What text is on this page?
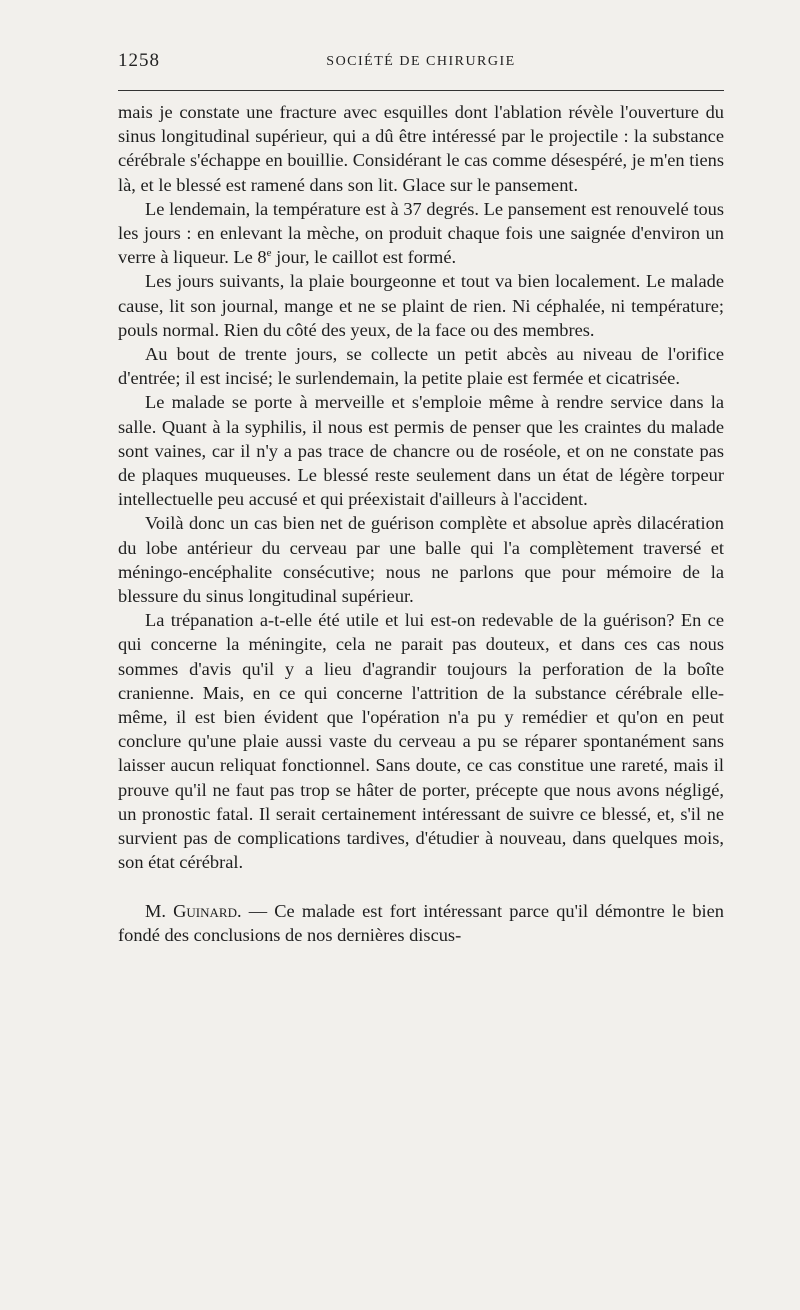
1258	SOCIÉTÉ DE CHIRURGIE

mais je constate une fracture avec esquilles dont l'ablation révèle l'ouverture du sinus longitudinal supérieur, qui a dû être intéressé par le projectile : la substance cérébrale s'échappe en bouillie. Considérant le cas comme désespéré, je m'en tiens là, et le blessé est ramené dans son lit. Glace sur le pansement.

Le lendemain, la température est à 37 degrés. Le pansement est renouvelé tous les jours : en enlevant la mèche, on produit chaque fois une saignée d'environ un verre à liqueur. Le 8e jour, le caillot est formé.

Les jours suivants, la plaie bourgeonne et tout va bien localement. Le malade cause, lit son journal, mange et ne se plaint de rien. Ni céphalée, ni température; pouls normal. Rien du côté des yeux, de la face ou des membres.

Au bout de trente jours, se collecte un petit abcès au niveau de l'orifice d'entrée; il est incisé; le surlendemain, la petite plaie est fermée et cicatrisée.

Le malade se porte à merveille et s'emploie même à rendre service dans la salle. Quant à la syphilis, il nous est permis de penser que les craintes du malade sont vaines, car il n'y a pas trace de chancre ou de roséole, et on ne constate pas de plaques muqueuses. Le blessé reste seulement dans un état de légère torpeur intellectuelle peu accusé et qui préexistait d'ailleurs à l'accident.

Voilà donc un cas bien net de guérison complète et absolue après dilacération du lobe antérieur du cerveau par une balle qui l'a complètement traversé et méningo-encéphalite consécutive; nous ne parlons que pour mémoire de la blessure du sinus longitudinal supérieur.

La trépanation a-t-elle été utile et lui est-on redevable de la guérison? En ce qui concerne la méningite, cela ne parait pas douteux, et dans ces cas nous sommes d'avis qu'il y a lieu d'agrandir toujours la perforation de la boîte cranienne. Mais, en ce qui concerne l'attrition de la substance cérébrale elle-même, il est bien évident que l'opération n'a pu y remédier et qu'on en peut conclure qu'une plaie aussi vaste du cerveau a pu se réparer spontanément sans laisser aucun reliquat fonctionnel. Sans doute, ce cas constitue une rareté, mais il prouve qu'il ne faut pas trop se hâter de porter, précepte que nous avons négligé, un pronostic fatal. Il serait certainement intéressant de suivre ce blessé, et, s'il ne survient pas de complications tardives, d'étudier à nouveau, dans quelques mois, son état cérébral.

M. Guinard. — Ce malade est fort intéressant parce qu'il démontre le bien fondé des conclusions de nos dernières discus-
